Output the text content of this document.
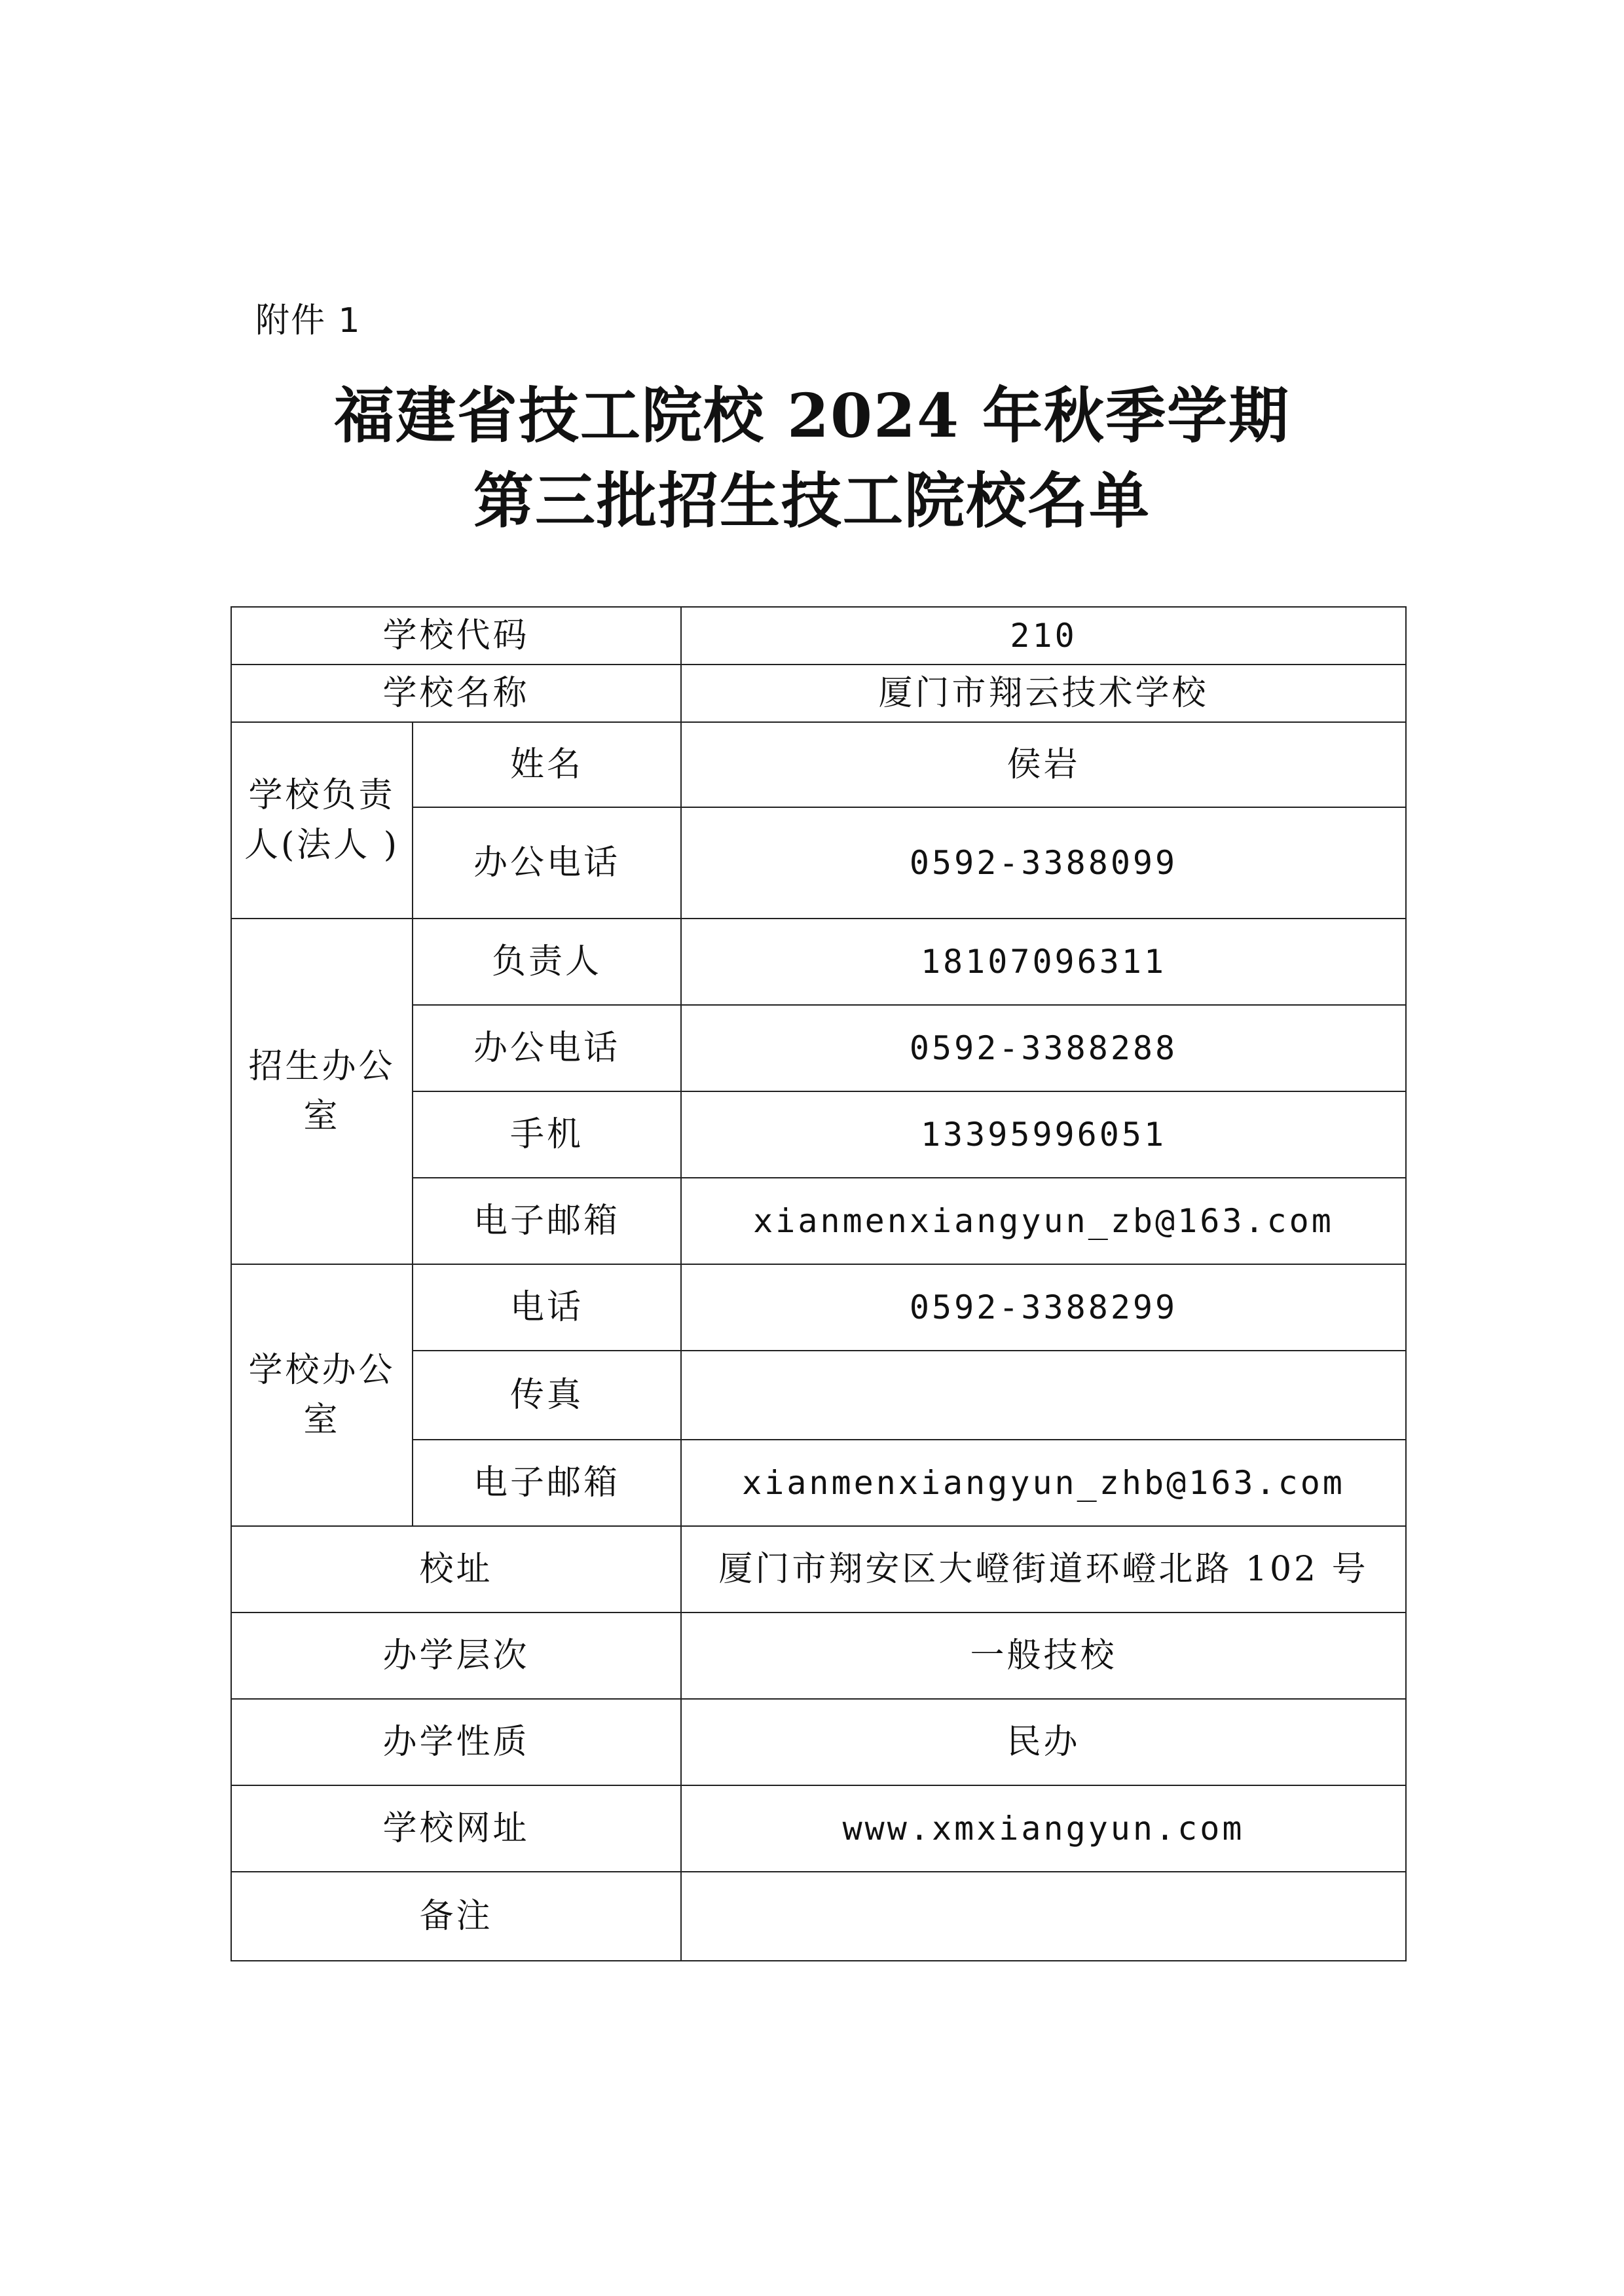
附件 1
福建省技工院校 2024 年秋季学期
第三批招生技工院校名单
学校代码		210
学校名称		厦门市翔云技术学校
学校负责人(法人 )	姓名	侯岩
	办公电话	0592-3388099
招生办公室	负责人	18107096311
	办公电话	0592-3388288
	手机	13395996051
	电子邮箱	xianmenxiangyun_zb@163.com
学校办公室	电话	0592-3388299
	传真	
	电子邮箱	xianmenxiangyun_zhb@163.com
校址		厦门市翔安区大嶝街道环嶝北路 102 号
办学层次		一般技校
办学性质		民办
学校网址		www.xmxiangyun.com
备注		
